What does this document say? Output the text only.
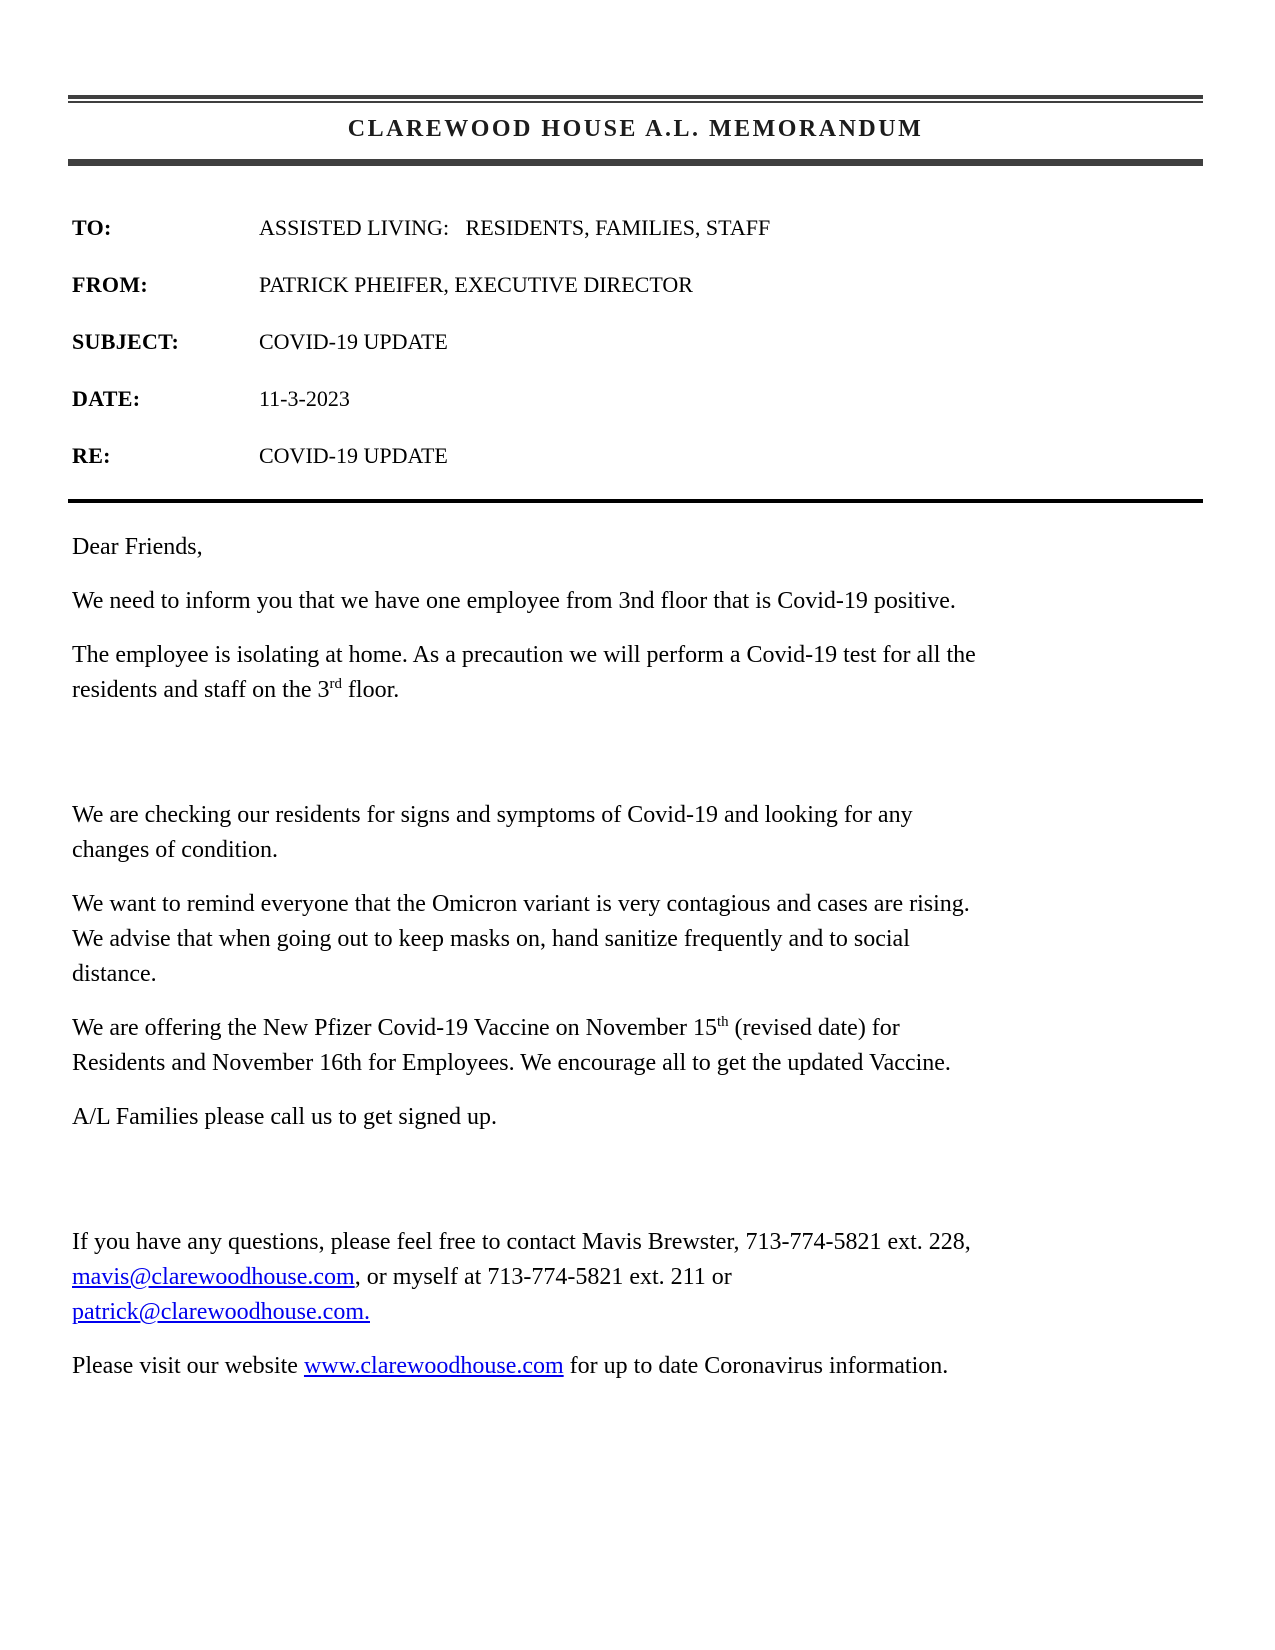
CLAREWOOD HOUSE A.L. MEMORANDUM
TO:	ASSISTED LIVING:   RESIDENTS, FAMILIES, STAFF
FROM:	PATRICK PHEIFER, EXECUTIVE DIRECTOR
SUBJECT:	COVID-19 UPDATE
DATE:	11-3-2023
RE:	COVID-19 UPDATE

Dear Friends,

We need to inform you that we have one employee from 3nd floor that is Covid-19 positive.

The employee is isolating at home. As a precaution we will perform a Covid-19 test for all the
residents and staff on the 3rd floor.

We are checking our residents for signs and symptoms of Covid-19 and looking for any
changes of condition.

We want to remind everyone that the Omicron variant is very contagious and cases are rising.
We advise that when going out to keep masks on, hand sanitize frequently and to social
distance.

We are offering the New Pfizer Covid-19 Vaccine on November 15th (revised date) for
Residents and November 16th for Employees. We encourage all to get the updated Vaccine.

A/L Families please call us to get signed up.

If you have any questions, please feel free to contact Mavis Brewster, 713-774-5821 ext. 228,
mavis@clarewoodhouse.com, or myself at 713-774-5821 ext. 211 or
patrick@clarewoodhouse.com.

Please visit our website www.clarewoodhouse.com for up to date Coronavirus information.
